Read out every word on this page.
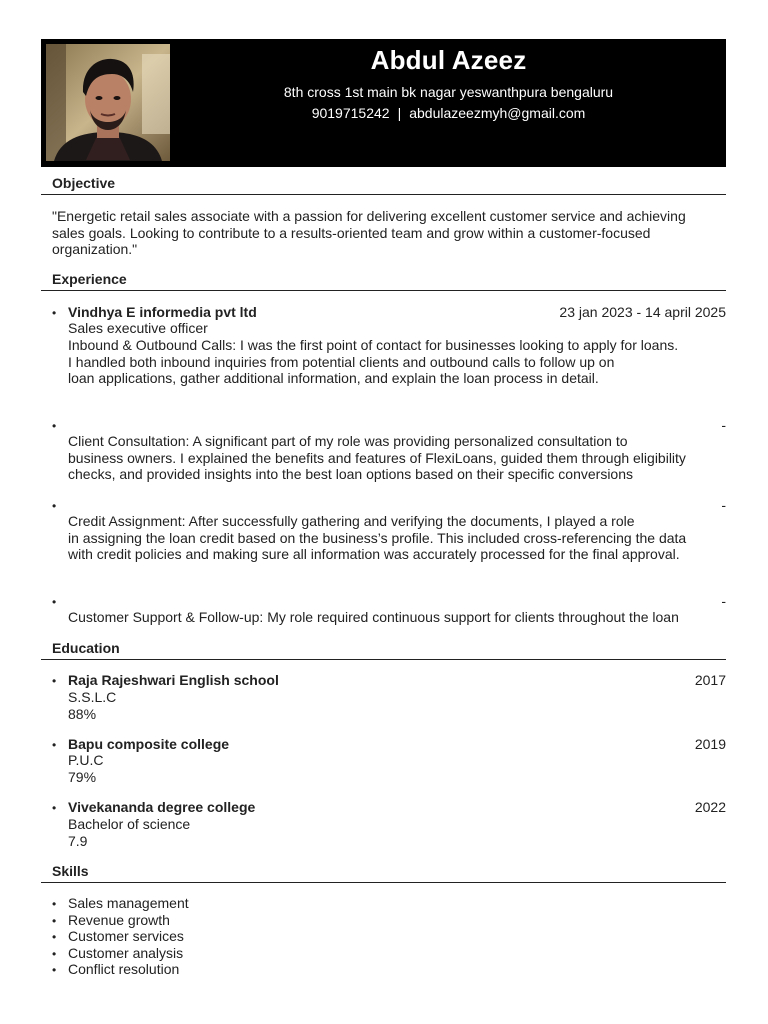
Abdul Azeez
8th cross 1st main bk nagar yeswanthpura bengaluru
9019715242 | abdulazeezmyh@gmail.com
Objective
"Energetic retail sales associate with a passion for delivering excellent customer service and achieving sales goals. Looking to contribute to a results-oriented team and grow within a customer-focused organization."
Experience
• Vindhya E informedia pvt ltd	23 jan 2023 - 14 april 2025
Sales executive officer
Inbound & Outbound Calls: I was the first point of contact for businesses looking to apply for loans.
I handled both inbound inquiries from potential clients and outbound calls to follow up on
loan applications, gather additional information, and explain the loan process in detail.
•	-
Client Consultation: A significant part of my role was providing personalized consultation to
business owners. I explained the benefits and features of FlexiLoans, guided them through eligibility
checks, and provided insights into the best loan options based on their specific conversions
•	-
Credit Assignment: After successfully gathering and verifying the documents, I played a role
in assigning the loan credit based on the business’s profile. This included cross-referencing the data
with credit policies and making sure all information was accurately processed for the final approval.
•	-
Customer Support & Follow-up: My role required continuous support for clients throughout the loan
Education
• Raja Rajeshwari English school	2017
S.S.L.C
88%
• Bapu composite college	2019
P.U.C
79%
• Vivekananda degree college	2022
Bachelor of science
7.9
Skills
• Sales management
• Revenue growth
• Customer services
• Customer analysis
• Conflict resolution
